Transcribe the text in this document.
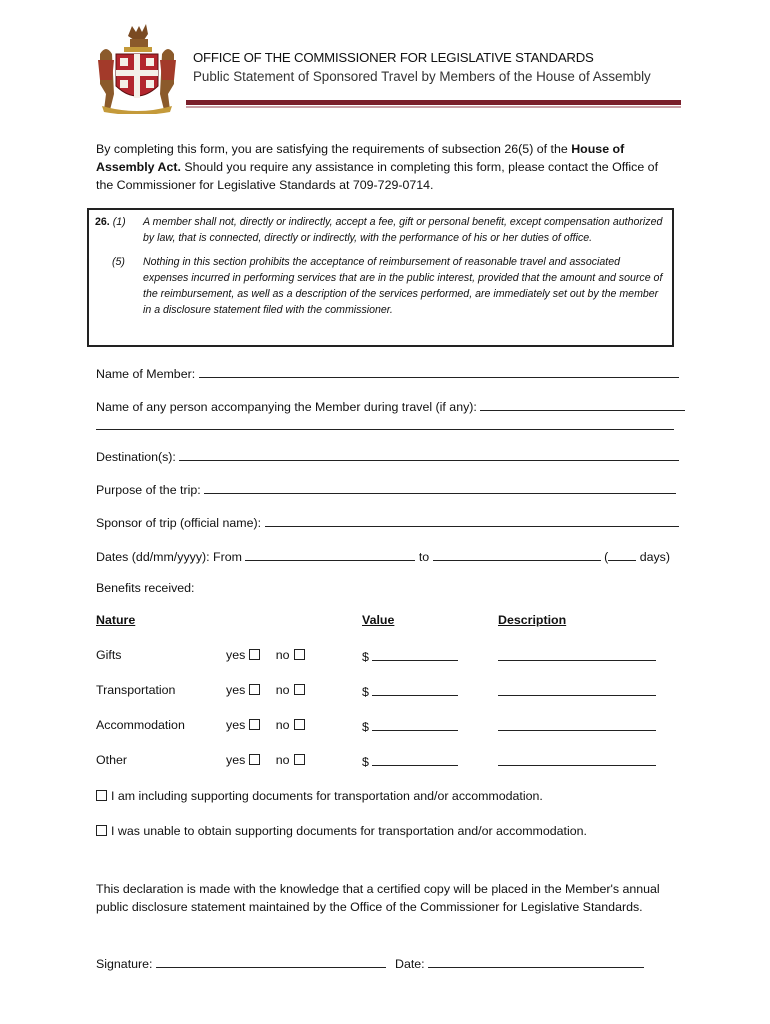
OFFICE OF THE COMMISSIONER FOR LEGISLATIVE STANDARDS
Public Statement of Sponsored Travel by Members of the House of Assembly
By completing this form, you are satisfying the requirements of subsection 26(5) of the House of Assembly Act. Should you require any assistance in completing this form, please contact the Office of the Commissioner for Legislative Standards at 709-729-0714.

26. (1) A member shall not, directly or indirectly, accept a fee, gift or personal benefit, except compensation authorized by law, that is connected, directly or indirectly, with the performance of his or her duties of office.

(5) Nothing in this section prohibits the acceptance of reimbursement of reasonable travel and associated expenses incurred in performing services that are in the public interest, provided that the amount and source of the reimbursement, as well as a description of the services performed, are immediately set out by the member in a disclosure statement filed with the commissioner.
Name of Member:
Name of any person accompanying the Member during travel (if any):
Destination(s):
Purpose of the trip:
Sponsor of trip (official name):
Dates (dd/mm/yyyy): From	to	(	days)
Benefits received:
Nature	Value	Description
Gifts	yes no	$
Transportation	yes no	$
Accommodation	yes no	$
Other	yes no	$
I am including supporting documents for transportation and/or accommodation.
I was unable to obtain supporting documents for transportation and/or accommodation.
This declaration is made with the knowledge that a certified copy will be placed in the Member's annual public disclosure statement maintained by the Office of the Commissioner for Legislative Standards.
Signature:	Date:
